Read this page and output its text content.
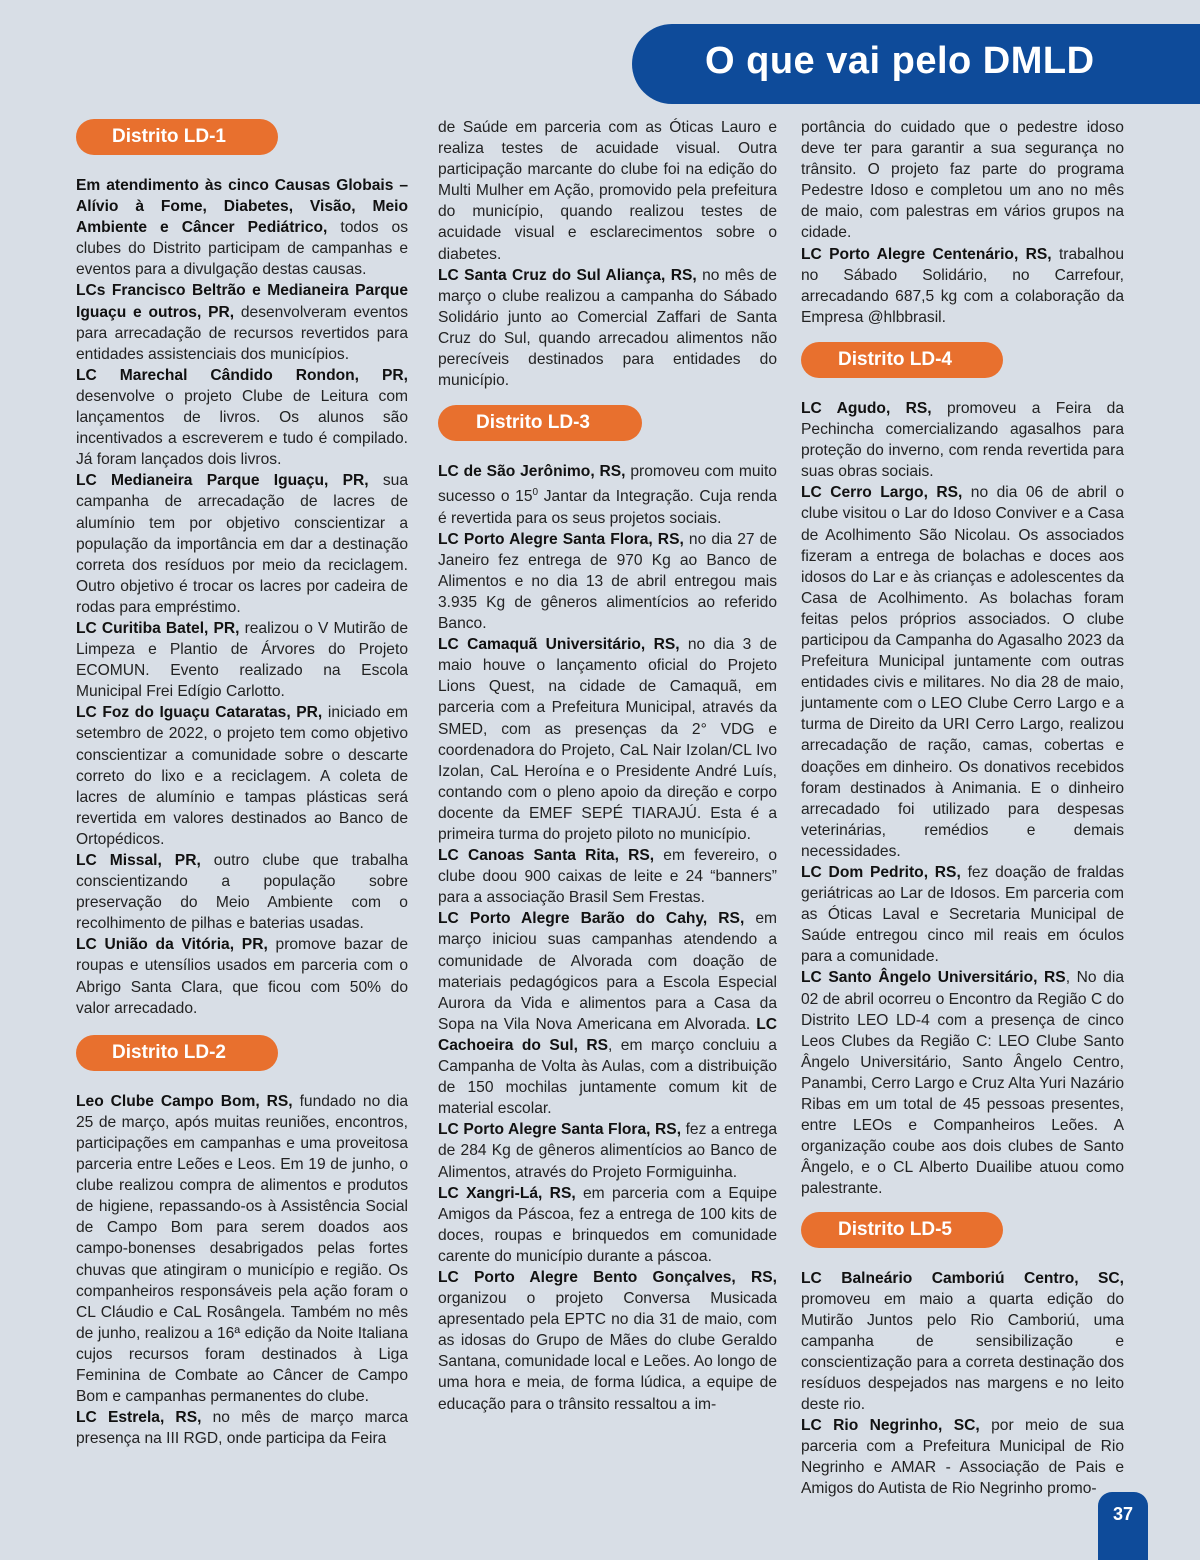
O que vai pelo DMLD
Distrito LD-1

Em atendimento às cinco Causas Globais – Alívio à Fome, Diabetes, Visão, Meio Ambiente e Câncer Pediátrico, todos os clubes do Distrito participam de campanhas e eventos para a divulgação destas causas.

LCs Francisco Beltrão e Medianeira Parque Iguaçu e outros, PR, desenvolveram eventos para arrecadação de recursos revertidos para entidades assistenciais dos municípios.

LC Marechal Cândido Rondon, PR, desenvolve o projeto Clube de Leitura com lançamentos de livros. Os alunos são incentivados a escreverem e tudo é compilado. Já foram lançados dois livros.

LC Medianeira Parque Iguaçu, PR, sua campanha de arrecadação de lacres de alumínio tem por objetivo conscientizar a população da importância em dar a destinação correta dos resíduos por meio da reciclagem. Outro objetivo é trocar os lacres por cadeira de rodas para empréstimo.

LC Curitiba Batel, PR, realizou o V Mutirão de Limpeza e Plantio de Árvores do Projeto ECOMUN. Evento realizado na Escola Municipal Frei Edígio Carlotto.

LC Foz do Iguaçu Cataratas, PR, iniciado em setembro de 2022, o projeto tem como objetivo conscientizar a comunidade sobre o descarte correto do lixo e a reciclagem. A coleta de lacres de alumínio e tampas plásticas será revertida em valores destinados ao Banco de Ortopédicos.

LC Missal, PR, outro clube que trabalha conscientizando a população sobre preservação do Meio Ambiente com o recolhimento de pilhas e baterias usadas.

LC União da Vitória, PR, promove bazar de roupas e utensílios usados em parceria com o Abrigo Santa Clara, que ficou com 50% do valor arrecadado.

Distrito LD-2

Leo Clube Campo Bom, RS, fundado no dia 25 de março, após muitas reuniões, encontros, participações em campanhas e uma proveitosa parceria entre Leões e Leos. Em 19 de junho, o clube realizou compra de alimentos e produtos de higiene, repassando-os à Assistência Social de Campo Bom para serem doados aos campo-bonenses desabrigados pelas fortes chuvas que atingiram o município e região. Os companheiros responsáveis pela ação foram o CL Cláudio e CaL Rosângela. Também no mês de junho, realizou a 16ª edição da Noite Italiana cujos recursos foram destinados à Liga Feminina de Combate ao Câncer de Campo Bom e campanhas permanentes do clube.

LC Estrela, RS, no mês de março marca presença na III RGD, onde participa da Feira

de Saúde em parceria com as Óticas Lauro e realiza testes de acuidade visual. Outra participação marcante do clube foi na edição do Multi Mulher em Ação, promovido pela prefeitura do município, quando realizou testes de acuidade visual e esclarecimentos sobre o diabetes.

LC Santa Cruz do Sul Aliança, RS, no mês de março o clube realizou a campanha do Sábado Solidário junto ao Comercial Zaffari de Santa Cruz do Sul, quando arrecadou alimentos não perecíveis destinados para entidades do município.

Distrito LD-3

LC de São Jerônimo, RS, promoveu com muito sucesso o $15^0$ Jantar da Integração. Cuja renda é revertida para os seus projetos sociais.

LC Porto Alegre Santa Flora, RS, no dia 27 de Janeiro fez entrega de 970 Kg ao Banco de Alimentos e no dia 13 de abril entregou mais 3.935 Kg de gêneros alimentícios ao referido Banco.

LC Camaquã Universitário, RS, no dia 3 de maio houve o lançamento oficial do Projeto Lions Quest, na cidade de Camaquã, em parceria com a Prefeitura Municipal, através da SMED, com as presenças da 2° VDG e coordenadora do Projeto, CaL Nair Izolan/CL Ivo Izolan, CaL Heroína e o Presidente André Luís, contando com o pleno apoio da direção e corpo docente da EMEF SEPÉ TIARAJÚ. Esta é a primeira turma do projeto piloto no município.

LC Canoas Santa Rita, RS, em fevereiro, o clube doou 900 caixas de leite e 24 “banners” para a associação Brasil Sem Frestas.

LC Porto Alegre Barão do Cahy, RS, em março iniciou suas campanhas atendendo a comunidade de Alvorada com doação de materiais pedagógicos para a Escola Especial Aurora da Vida e alimentos para a Casa da Sopa na Vila Nova Americana em Alvorada. LC Cachoeira do Sul, RS, em março concluiu a Campanha de Volta às Aulas, com a distribuição de 150 mochilas juntamente comum kit de material escolar.

LC Porto Alegre Santa Flora, RS, fez a entrega de 284 Kg de gêneros alimentícios ao Banco de Alimentos, através do Projeto Formiguinha.

LC Xangri-Lá, RS, em parceria com a Equipe Amigos da Páscoa, fez a entrega de 100 kits de doces, roupas e brinquedos em comunidade carente do município durante a páscoa.

LC Porto Alegre Bento Gonçalves, RS, organizou o projeto Conversa Musicada apresentado pela EPTC no dia 31 de maio, com as idosas do Grupo de Mães do clube Geraldo Santana, comunidade local e Leões. Ao longo de uma hora e meia, de forma lúdica, a equipe de educação para o trânsito ressaltou a im-

portância do cuidado que o pedestre idoso deve ter para garantir a sua segurança no trânsito. O projeto faz parte do programa Pedestre Idoso e completou um ano no mês de maio, com palestras em vários grupos na cidade.

LC Porto Alegre Centenário, RS, trabalhou no Sábado Solidário, no Carrefour, arrecadando 687,5 kg com a colaboração da Empresa @hlbbrasil.

Distrito LD-4

LC Agudo, RS, promoveu a Feira da Pechincha comercializando agasalhos para proteção do inverno, com renda revertida para suas obras sociais.

LC Cerro Largo, RS, no dia 06 de abril o clube visitou o Lar do Idoso Conviver e a Casa de Acolhimento São Nicolau. Os associados fizeram a entrega de bolachas e doces aos idosos do Lar e às crianças e adolescentes da Casa de Acolhimento. As bolachas foram feitas pelos próprios associados. O clube participou da Campanha do Agasalho 2023 da Prefeitura Municipal juntamente com outras entidades civis e militares. No dia 28 de maio, juntamente com o LEO Clube Cerro Largo e a turma de Direito da URI Cerro Largo, realizou arrecadação de ração, camas, cobertas e doações em dinheiro. Os donativos recebidos foram destinados à Animania. E o dinheiro arrecadado foi utilizado para despesas veterinárias, remédios e demais necessidades.

LC Dom Pedrito, RS, fez doação de fraldas geriátricas ao Lar de Idosos. Em parceria com as Óticas Laval e Secretaria Municipal de Saúde entregou cinco mil reais em óculos para a comunidade.

LC Santo Ângelo Universitário, RS, No dia 02 de abril ocorreu o Encontro da Região C do Distrito LEO LD-4 com a presença de cinco Leos Clubes da Região C: LEO Clube Santo Ângelo Universitário, Santo Ângelo Centro, Panambi, Cerro Largo e Cruz Alta Yuri Nazário Ribas em um total de 45 pessoas presentes, entre LEOs e Companheiros Leões. A organização coube aos dois clubes de Santo Ângelo, e o CL Alberto Duailibe atuou como palestrante.

Distrito LD-5

LC Balneário Camboriú Centro, SC, promoveu em maio a quarta edição do Mutirão Juntos pelo Rio Camboriú, uma campanha de sensibilização e conscientização para a correta destinação dos resíduos despejados nas margens e no leito deste rio.

LC Rio Negrinho, SC, por meio de sua parceria com a Prefeitura Municipal de Rio Negrinho e AMAR - Associação de Pais e Amigos do Autista de Rio Negrinho promo-

37
